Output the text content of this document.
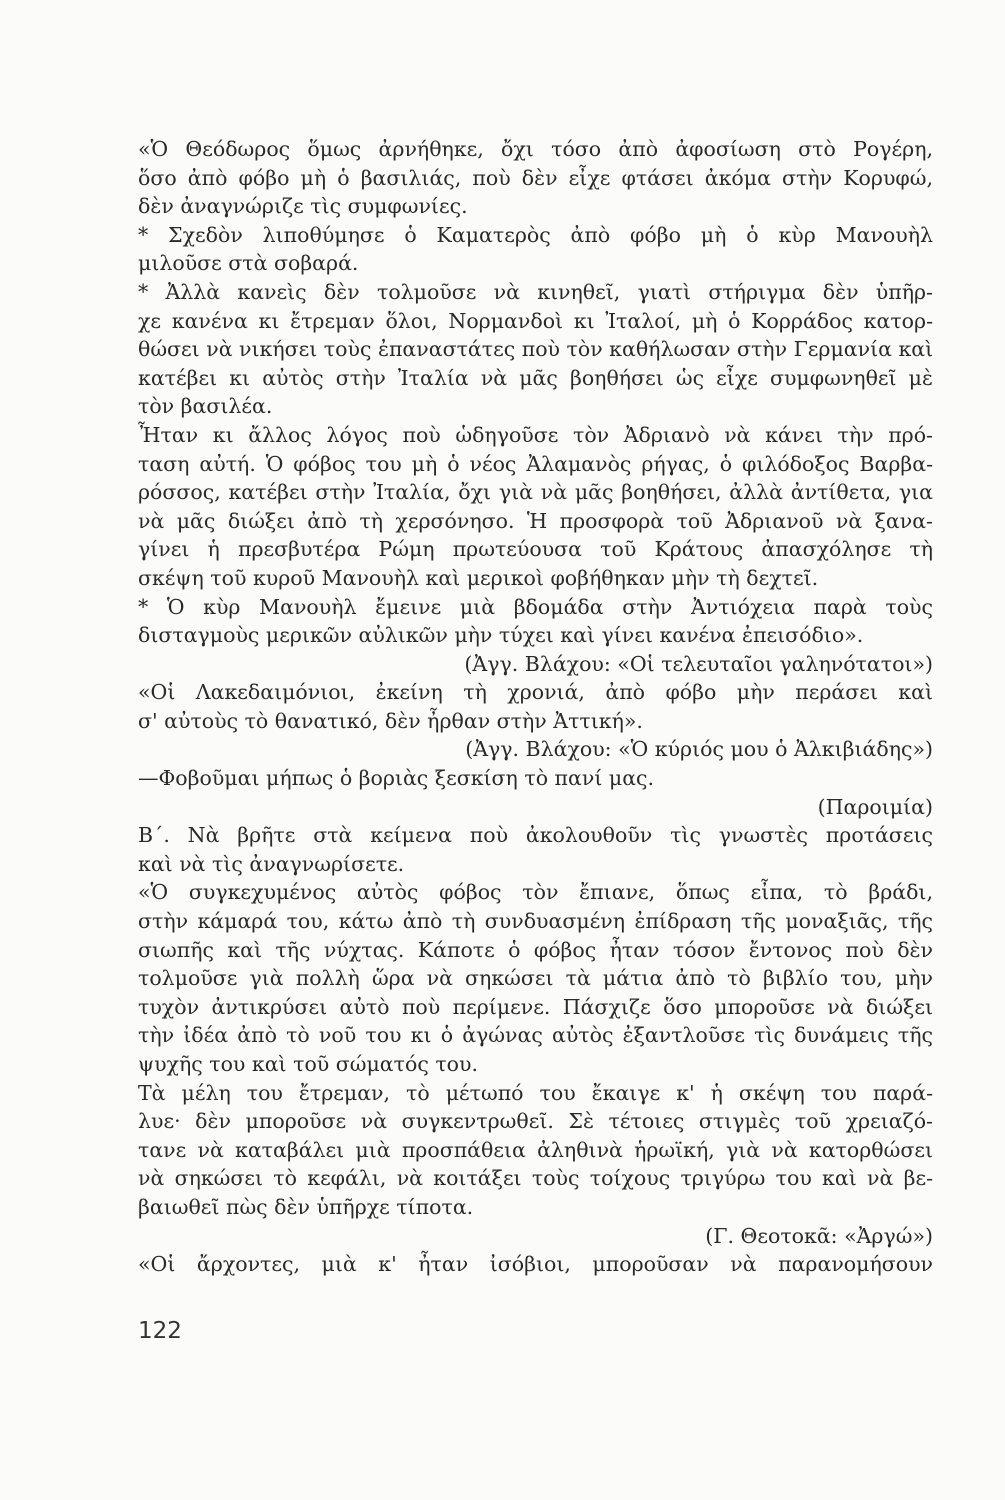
«Ὁ Θεόδωρος ὅμως ἀρνήθηκε, ὄχι τόσο ἀπὸ ἀφοσίωση στὸ Ρογέρη,
ὅσο ἀπὸ φόβο μὴ ὁ βασιλιάς, ποὺ δὲν εἶχε φτάσει ἀκόμα στὴν Κορυφώ,
δὲν ἀναγνώριζε τὶς συμφωνίες.
* Σχεδὸν λιποθύμησε ὁ Καματερὸς ἀπὸ φόβο μὴ ὁ κὺρ Μανουὴλ
μιλοῦσε στὰ σοβαρά.
* Ἀλλὰ κανεὶς δὲν τολμοῦσε νὰ κινηθεῖ, γιατὶ στήριγμα δὲν ὑπῆρ-
χε κανένα κι ἔτρεμαν ὅλοι, Νορμανδοὶ κι Ἰταλοί, μὴ ὁ Κορράδος κατορ-
θώσει νὰ νικήσει τοὺς ἐπαναστάτες ποὺ τὸν καθήλωσαν στὴν Γερμανία καὶ
κατέβει κι αὐτὸς στὴν Ἰταλία νὰ μᾶς βοηθήσει ὡς εἶχε συμφωνηθεῖ μὲ
τὸν βασιλέα.
Ἦταν κι ἄλλος λόγος ποὺ ὡδηγοῦσε τὸν Ἀδριανὸ νὰ κάνει τὴν πρό-
ταση αὐτή. Ὁ φόβος του μὴ ὁ νέος Ἀλαμανὸς ρήγας, ὁ φιλόδοξος Βαρβα-
ρόσσος, κατέβει στὴν Ἰταλία, ὄχι γιὰ νὰ μᾶς βοηθήσει, ἀλλὰ ἀντίθετα, για
νὰ μᾶς διώξει ἀπὸ τὴ χερσόνησο. Ἡ προσφορὰ τοῦ Ἀδριανοῦ νὰ ξανα-
γίνει ἡ πρεσβυτέρα Ρώμη πρωτεύουσα τοῦ Κράτους ἀπασχόλησε τὴ
σκέψη τοῦ κυροῦ Μανουὴλ καὶ μερικοὶ φοβήθηκαν μὴν τὴ δεχτεῖ.
* Ὁ κὺρ Μανουὴλ ἔμεινε μιὰ βδομάδα στὴν Ἀντιόχεια παρὰ τοὺς
δισταγμοὺς μερικῶν αὐλικῶν μὴν τύχει καὶ γίνει κανένα ἐπεισόδιο».
(Ἀγγ. Βλάχου: «Οἱ τελευταῖοι γαληνότατοι»)
«Οἱ Λακεδαιμόνιοι, ἐκείνη τὴ χρονιά, ἀπὸ φόβο μὴν περάσει καὶ
σ' αὐτοὺς τὸ θανατικό, δὲν ἦρθαν στὴν Ἀττική».
(Ἀγγ. Βλάχου: «Ὁ κύριός μου ὁ Ἀλκιβιάδης»)
—Φοβοῦμαι μήπως ὁ βοριὰς ξεσκίση τὸ πανί μας.
(Παροιμία)
Β΄. Νὰ βρῆτε στὰ κείμενα ποὺ ἀκολουθοῦν τὶς γνωστὲς προτάσεις
καὶ νὰ τὶς ἀναγνωρίσετε.
«Ὁ συγκεχυμένος αὐτὸς φόβος τὸν ἔπιανε, ὅπως εἶπα, τὸ βράδι,
στὴν κάμαρά του, κάτω ἀπὸ τὴ συνδυασμένη ἐπίδραση τῆς μοναξιᾶς, τῆς
σιωπῆς καὶ τῆς νύχτας. Κάποτε ὁ φόβος ἦταν τόσον ἔντονος ποὺ δὲν
τολμοῦσε γιὰ πολλὴ ὥρα νὰ σηκώσει τὰ μάτια ἀπὸ τὸ βιβλίο του, μὴν
τυχὸν ἀντικρύσει αὐτὸ ποὺ περίμενε. Πάσχιζε ὅσο μποροῦσε νὰ διώξει
τὴν ἰδέα ἀπὸ τὸ νοῦ του κι ὁ ἀγώνας αὐτὸς ἐξαντλοῦσε τὶς δυνάμεις τῆς
ψυχῆς του καὶ τοῦ σώματός του.
Τὰ μέλη του ἔτρεμαν, τὸ μέτωπό του ἔκαιγε κ' ἡ σκέψη του παρά-
λυε· δὲν μποροῦσε νὰ συγκεντρωθεῖ. Σὲ τέτοιες στιγμὲς τοῦ χρειαζό-
τανε νὰ καταβάλει μιὰ προσπάθεια ἀληθινὰ ἡρωϊκή, γιὰ νὰ κατορθώσει
νὰ σηκώσει τὸ κεφάλι, νὰ κοιτάξει τοὺς τοίχους τριγύρω του καὶ νὰ βε-
βαιωθεῖ πὼς δὲν ὑπῆρχε τίποτα.
(Γ. Θεοτοκᾶ: «Ἀργώ»)
«Οἱ ἄρχοντες, μιὰ κ' ἦταν ἰσόβιοι, μποροῦσαν νὰ παρανομήσουν
122
